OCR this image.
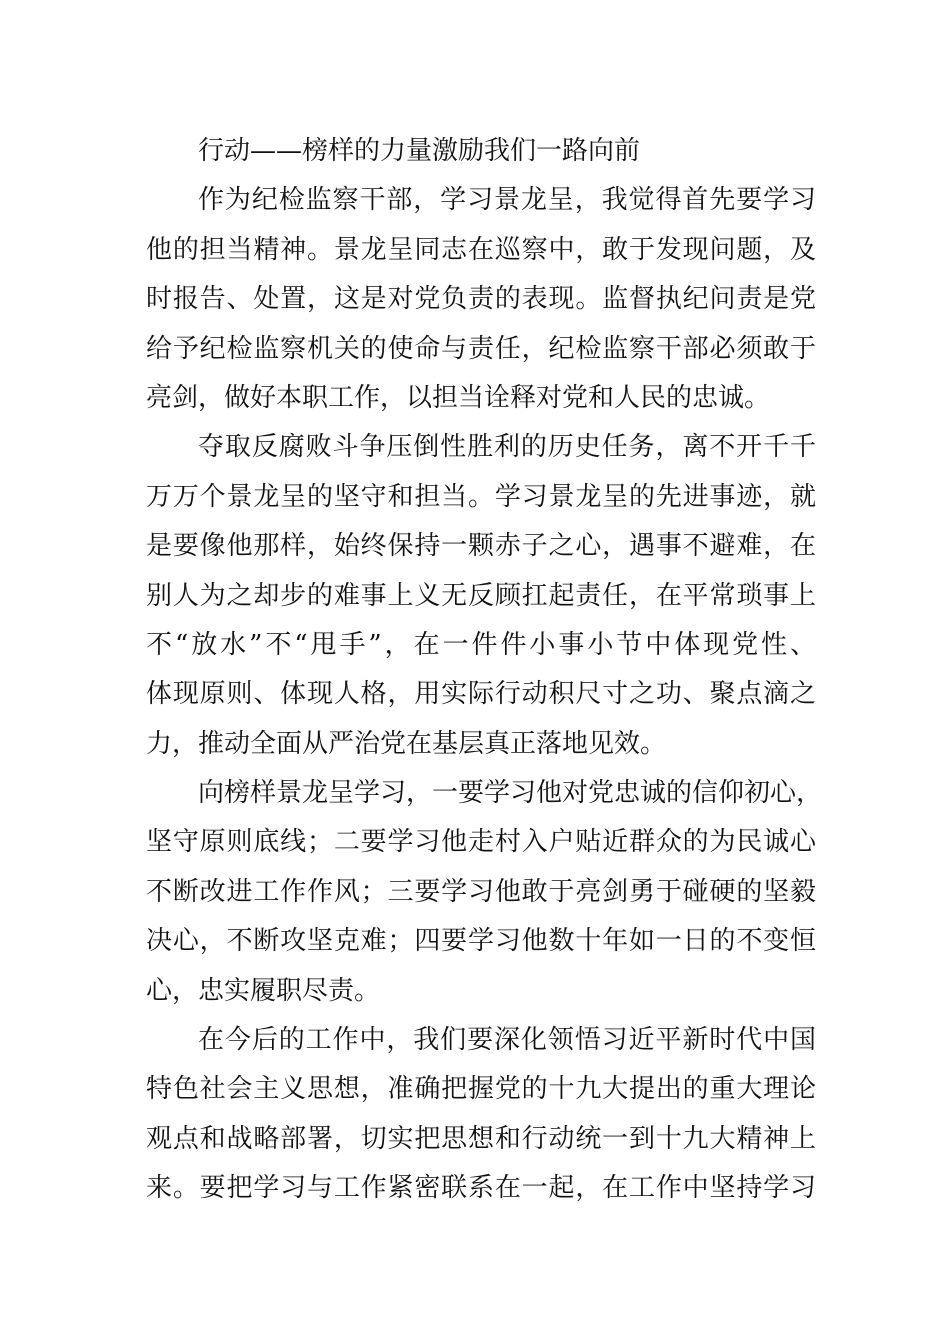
行动——榜样的力量激励我们一路向前
作为纪检监察干部，学习景龙呈，我觉得首先要学习
他的担当精神。景龙呈同志在巡察中，敢于发现问题，及
时报告、处置，这是对党负责的表现。监督执纪问责是党
给予纪检监察机关的使命与责任，纪检监察干部必须敢于
亮剑，做好本职工作，以担当诠释对党和人民的忠诚。
夺取反腐败斗争压倒性胜利的历史任务，离不开千千
万万个景龙呈的坚守和担当。学习景龙呈的先进事迹，就
是要像他那样，始终保持一颗赤子之心，遇事不避难，在
别人为之却步的难事上义无反顾扛起责任，在平常琐事上
不“放水”不“甩手”，在一件件小事小节中体现党性、
体现原则、体现人格，用实际行动积尺寸之功、聚点滴之
力，推动全面从严治党在基层真正落地见效。
向榜样景龙呈学习，一要学习他对党忠诚的信仰初心，
坚守原则底线；二要学习他走村入户贴近群众的为民诚心
不断改进工作作风；三要学习他敢于亮剑勇于碰硬的坚毅
决心，不断攻坚克难；四要学习他数十年如一日的不变恒
心，忠实履职尽责。
在今后的工作中，我们要深化领悟习近平新时代中国
特色社会主义思想，准确把握党的十九大提出的重大理论
观点和战略部署，切实把思想和行动统一到十九大精神上
来。要把学习与工作紧密联系在一起，在工作中坚持学习
